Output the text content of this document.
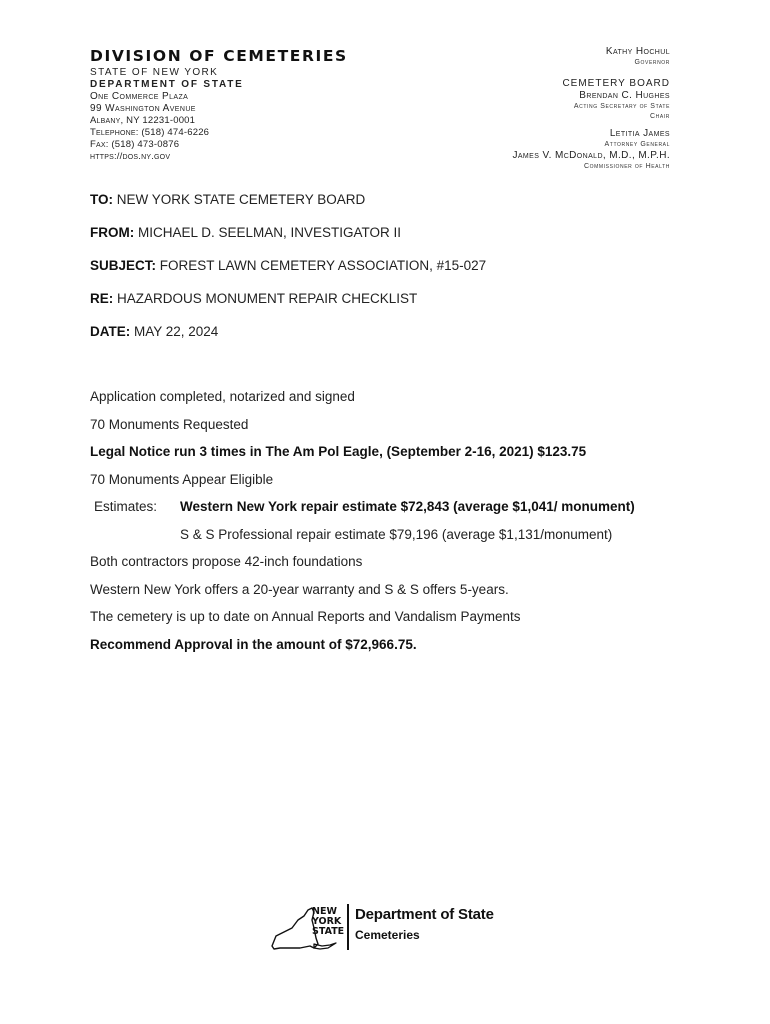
DIVISION OF CEMETERIES
STATE OF NEW YORK
DEPARTMENT OF STATE
One Commerce Plaza
99 Washington Avenue
Albany, NY 12231-0001
Telephone: (518) 474-6226
Fax: (518) 473-0876
https://dos.ny.gov
Kathy Hochul
Governor
CEMETERY BOARD
Brendan C. Hughes
Acting Secretary of State
Chair
Letitia James
Attorney General
James V. McDonald, M.D., M.P.H.
Commissioner of Health
TO: NEW YORK STATE CEMETERY BOARD
FROM: MICHAEL D. SEELMAN, INVESTIGATOR II
SUBJECT: FOREST LAWN CEMETERY ASSOCIATION, #15-027
RE: HAZARDOUS MONUMENT REPAIR CHECKLIST
DATE: MAY 22, 2024
Application completed, notarized and signed
70 Monuments Requested
Legal Notice run 3 times in The Am Pol Eagle, (September 2-16, 2021) $123.75
70 Monuments Appear Eligible
Estimates: Western New York repair estimate $72,843 (average $1,041/ monument)
S & S Professional repair estimate $79,196 (average $1,131/monument)
Both contractors propose 42-inch foundations
Western New York offers a 20-year warranty and S & S offers 5-years.
The cemetery is up to date on Annual Reports and Vandalism Payments
Recommend Approval in the amount of $72,966.75.
NEW
YORK
STATE
Department of State
Cemeteries
